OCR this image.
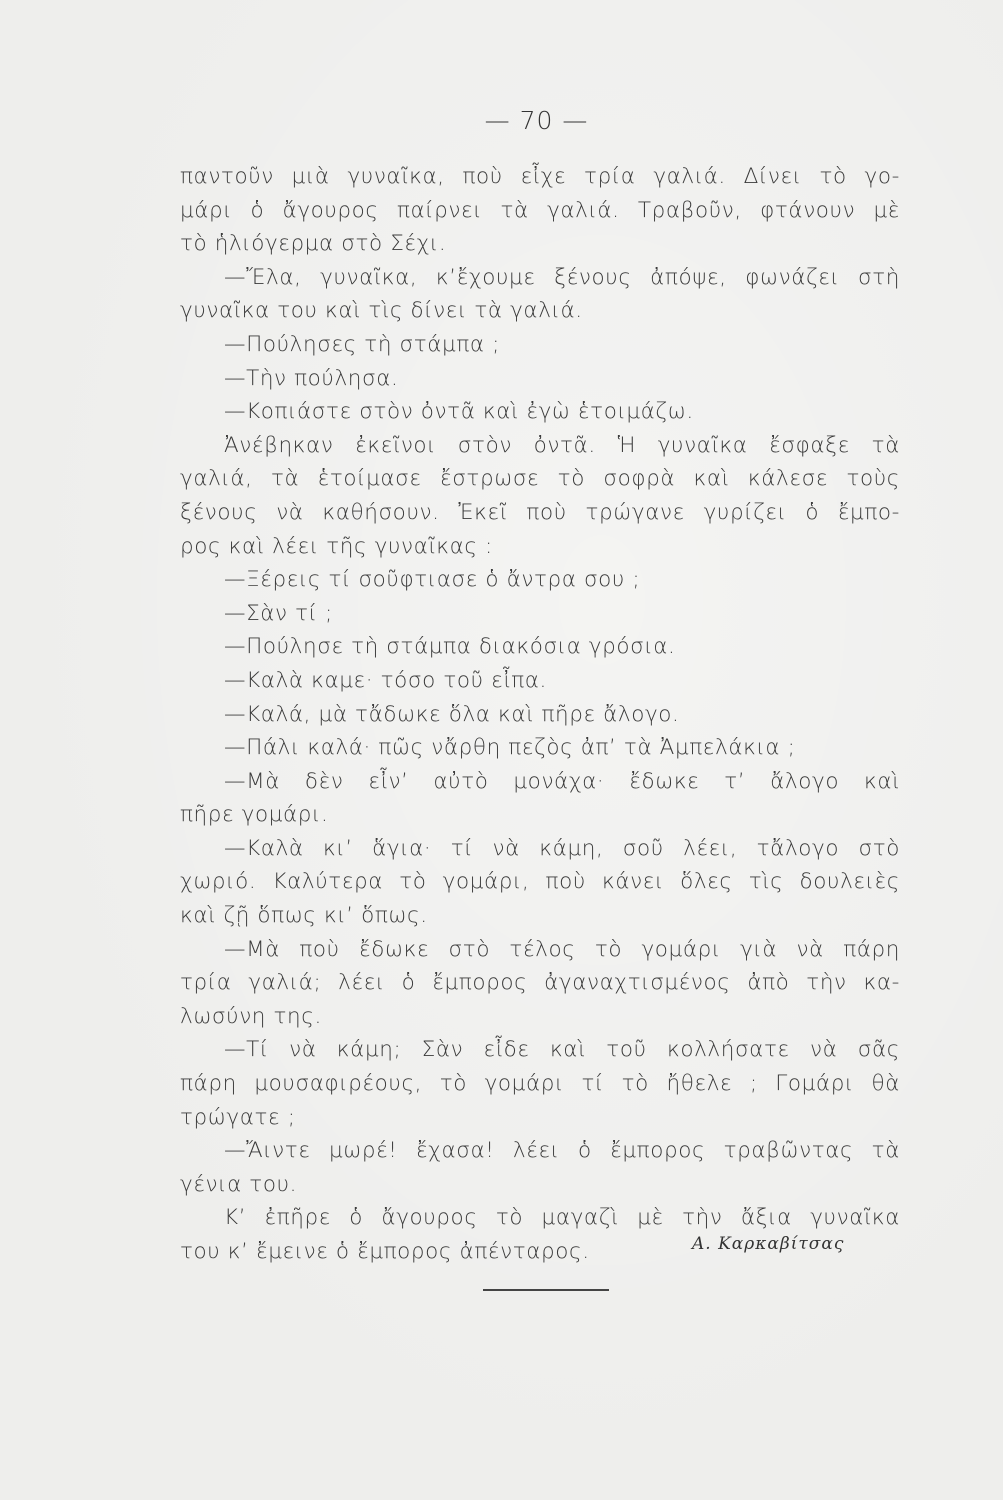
— 70 —
παντοῦν μιὰ γυναῖκα, ποὺ εἶχε τρία γαλιά. Δίνει τὸ γο-
μάρι ὁ ἄγουρος παίρνει τὰ γαλιά. Τραβοῦν, φτάνουν μὲ
τὸ ἡλιόγερμα στὸ Σέχι.
—Ἔλα, γυναῖκα, κ’ἔχουμε ξένους ἀπόψε, φωνάζει στὴ
γυναῖκα του καὶ τὶς δίνει τὰ γαλιά.
—Πούλησες τὴ στάμπα ;
—Τὴν πούλησα.
—Κοπιάστε στὸν ὀντᾶ καὶ ἐγὼ ἑτοιμάζω.
Ἀνέβηκαν ἐκεῖνοι στὸν ὀντᾶ. Ἡ γυναῖκα ἔσφαξε τὰ
γαλιά, τὰ ἑτοίμασε ἔστρωσε τὸ σοφρὰ καὶ κάλεσε τοὺς
ξένους νὰ καθήσουν. Ἐκεῖ ποὺ τρώγανε γυρίζει ὁ ἔμπο-
ρος καὶ λέει τῆς γυναῖκας :
—Ξέρεις τί σοῦφτιασε ὁ ἄντρα σου ;
—Σὰν τί ;
—Πούλησε τὴ στάμπα διακόσια γρόσια.
—Καλὰ καμε· τόσο τοῦ εἶπα.
—Καλά, μὰ τἄδωκε ὅλα καὶ πῆρε ἄλογο.
—Πάλι καλά· πῶς νἄρθη πεζὸς ἀπ’ τὰ Ἀμπελάκια ;
—Μὰ δὲν εἶν’ αὐτὸ μονάχα· ἔδωκε τ’ ἄλογο καὶ
πῆρε γομάρι.
—Καλὰ κι’ ἅγια· τί νὰ κάμη, σοῦ λέει, τἄλογο στὸ
χωριό. Καλύτερα τὸ γομάρι, ποὺ κάνει ὅλες τὶς δουλειὲς
καὶ ζῇ ὅπως κι’ ὅπως.
—Μὰ ποὺ ἔδωκε στὸ τέλος τὸ γομάρι γιὰ νὰ πάρη
τρία γαλιά; λέει ὁ ἔμπορος ἀγαναχτισμένος ἀπὸ τὴν κα-
λωσύνη της.
—Τί νὰ κάμη; Σὰν εἶδε καὶ τοῦ κολλήσατε νὰ σᾶς
πάρη μουσαφιρέους, τὸ γομάρι τί τὸ ἤθελε ; Γομάρι θὰ
τρώγατε ;
—Ἄιντε μωρέ! ἔχασα! λέει ὁ ἔμπορος τραβῶντας τὰ
γένια του.
Κ’ ἐπῆρε ὁ ἄγουρος τὸ μαγαζὶ μὲ τὴν ἄξια γυναῖκα
του κ’ ἔμεινε ὁ ἔμπορος ἀπένταρος.	Α. Καρκαβίτσας
